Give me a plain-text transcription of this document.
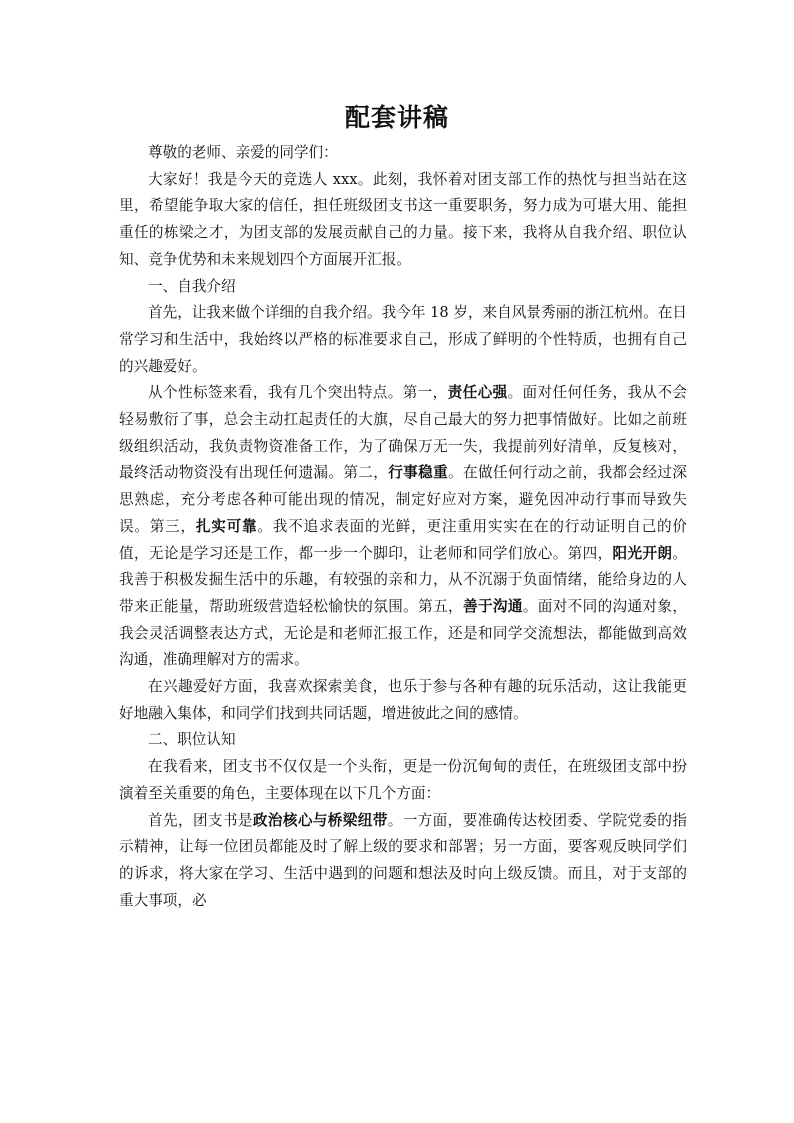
配套讲稿

尊敬的老师、亲爱的同学们：

大家好！我是今天的竞选人 xxx。此刻，我怀着对团支部工作的热忱与担当站在这里，希望能争取大家的信任，担任班级团支书这一重要职务，努力成为可堪大用、能担重任的栋梁之才，为团支部的发展贡献自己的力量。接下来，我将从自我介绍、职位认知、竞争优势和未来规划四个方面展开汇报。

一、自我介绍

首先，让我来做个详细的自我介绍。我今年 18 岁，来自风景秀丽的浙江杭州。在日常学习和生活中，我始终以严格的标准要求自己，形成了鲜明的个性特质，也拥有自己的兴趣爱好。

从个性标签来看，我有几个突出特点。第一，责任心强。面对任何任务，我从不会轻易敷衍了事，总会主动扛起责任的大旗，尽自己最大的努力把事情做好。比如之前班级组织活动，我负责物资准备工作，为了确保万无一失，我提前列好清单，反复核对，最终活动物资没有出现任何遗漏。第二，行事稳重。在做任何行动之前，我都会经过深思熟虑，充分考虑各种可能出现的情况，制定好应对方案，避免因冲动行事而导致失误。第三，扎实可靠。我不追求表面的光鲜，更注重用实实在在的行动证明自己的价值，无论是学习还是工作，都一步一个脚印，让老师和同学们放心。第四，阳光开朗。我善于积极发掘生活中的乐趣，有较强的亲和力，从不沉溺于负面情绪，能给身边的人带来正能量，帮助班级营造轻松愉快的氛围。第五，善于沟通。面对不同的沟通对象，我会灵活调整表达方式，无论是和老师汇报工作，还是和同学交流想法，都能做到高效沟通，准确理解对方的需求。

在兴趣爱好方面，我喜欢探索美食，也乐于参与各种有趣的玩乐活动，这让我能更好地融入集体，和同学们找到共同话题，增进彼此之间的感情。

二、职位认知

在我看来，团支书不仅仅是一个头衔，更是一份沉甸甸的责任，在班级团支部中扮演着至关重要的角色，主要体现在以下几个方面：

首先，团支书是政治核心与桥梁纽带。一方面，要准确传达校团委、学院党委的指示精神，让每一位团员都能及时了解上级的要求和部署；另一方面，要客观反映同学们的诉求，将大家在学习、生活中遇到的问题和想法及时向上级反馈。而且，对于支部的重大事项，必
